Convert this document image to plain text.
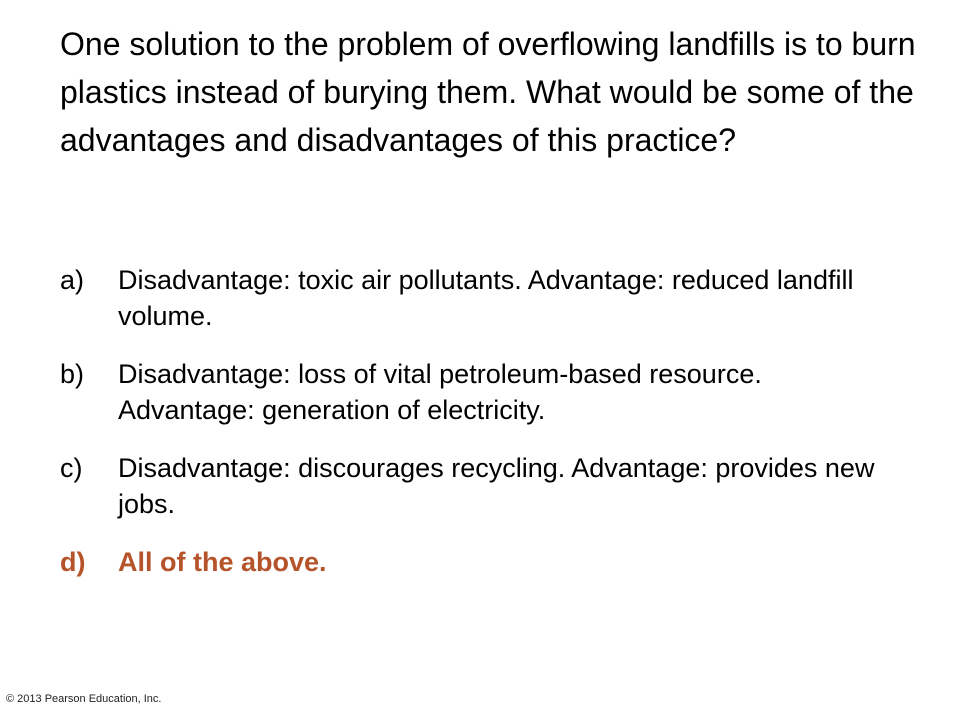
One solution to the problem of overflowing landfills is to burn plastics instead of burying them. What would be some of the advantages and disadvantages of this practice?

a)	Disadvantage: toxic air pollutants. Advantage: reduced landfill volume.
b)	Disadvantage: loss of vital petroleum-based resource. Advantage: generation of electricity.
c)	Disadvantage: discourages recycling. Advantage: provides new jobs.
d)	All of the above.
© 2013 Pearson Education, Inc.
